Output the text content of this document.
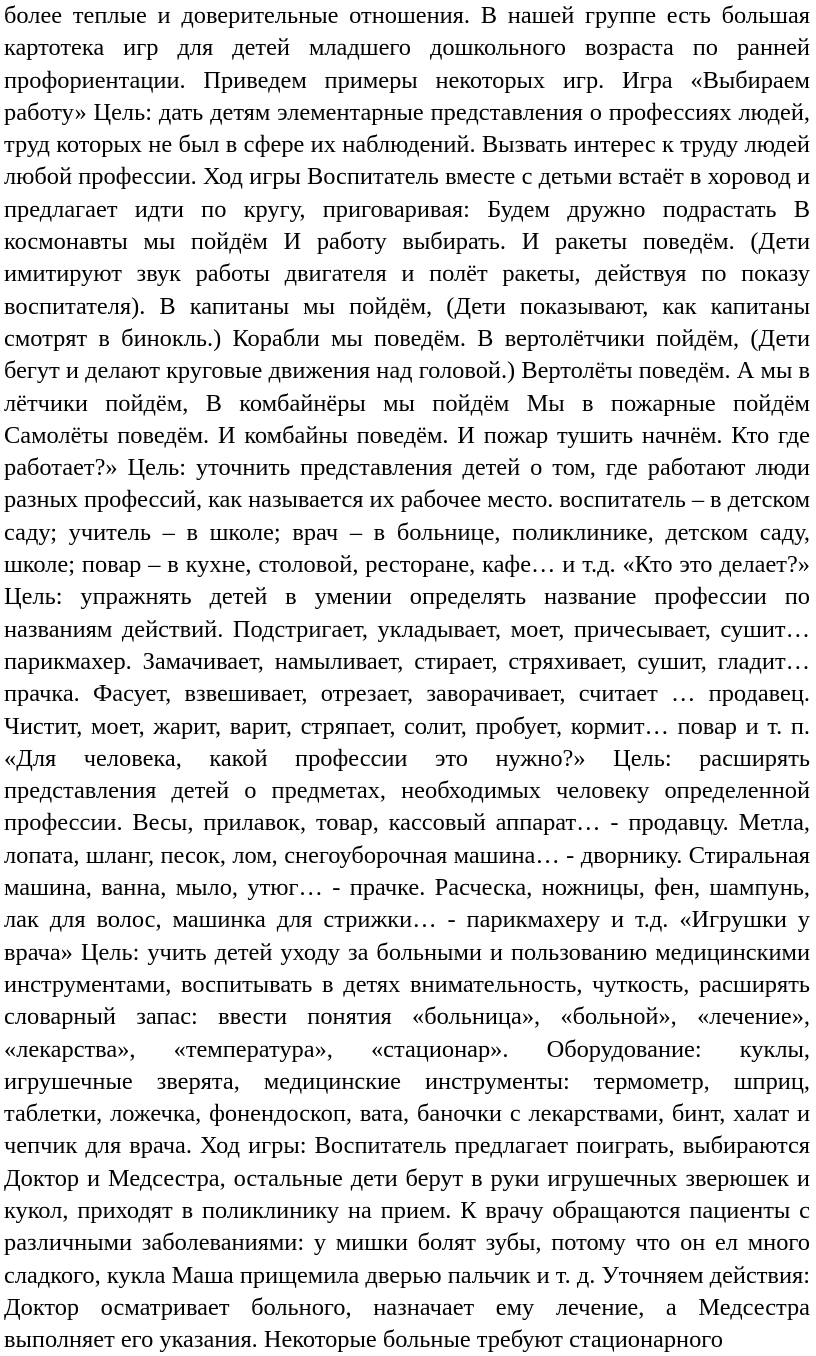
более теплые и доверительные отношения. В нашей группе есть большая
картотека игр для детей младшего дошкольного возраста по ранней
профориентации. Приведем примеры некоторых игр. Игра «Выбираем
работу» Цель: дать детям элементарные представления о профессиях людей,
труд которых не был в сфере их наблюдений. Вызвать интерес к труду людей
любой профессии. Ход игры Воспитатель вместе с детьми встаёт в хоровод и
предлагает идти по кругу, приговаривая: Будем дружно подрастать В
космонавты мы пойдём И работу выбирать. И ракеты поведём. (Дети
имитируют звук работы двигателя и полёт ракеты, действуя по показу
воспитателя). В капитаны мы пойдём, (Дети показывают, как капитаны
смотрят в бинокль.) Корабли мы поведём. В вертолётчики пойдём, (Дети
бегут и делают круговые движения над головой.) Вертолёты поведём. А мы в
лётчики пойдём, В комбайнёры мы пойдём Мы в пожарные пойдём
Самолёты поведём. И комбайны поведём. И пожар тушить начнём. Кто где
работает?» Цель: уточнить представления детей о том, где работают люди
разных профессий, как называется их рабочее место. воспитатель – в детском
саду; учитель – в школе; врач – в больнице, поликлинике, детском саду,
школе; повар – в кухне, столовой, ресторане, кафе… и т.д. «Кто это делает?»
Цель: упражнять детей в умении определять название профессии по
названиям действий. Подстригает, укладывает, моет, причесывает, сушит…
парикмахер. Замачивает, намыливает, стирает, стряхивает, сушит, гладит…
прачка. Фасует, взвешивает, отрезает, заворачивает, считает … продавец.
Чистит, моет, жарит, варит, стряпает, солит, пробует, кормит… повар и т. п.
«Для человека, какой профессии это нужно?» Цель: расширять
представления детей о предметах, необходимых человеку определенной
профессии. Весы, прилавок, товар, кассовый аппарат… - продавцу. Метла,
лопата, шланг, песок, лом, снегоуборочная машина… - дворнику. Стиральная
машина, ванна, мыло, утюг… - прачке. Расческа, ножницы, фен, шампунь,
лак для волос, машинка для стрижки… - парикмахеру и т.д. «Игрушки у
врача» Цель: учить детей уходу за больными и пользованию медицинскими
инструментами, воспитывать в детях внимательность, чуткость, расширять
словарный запас: ввести понятия «больница», «больной», «лечение»,
«лекарства», «температура», «стационар». Оборудование: куклы,
игрушечные зверята, медицинские инструменты: термометр, шприц,
таблетки, ложечка, фонендоскоп, вата, баночки с лекарствами, бинт, халат и
чепчик для врача. Ход игры: Воспитатель предлагает поиграть, выбираются
Доктор и Медсестра, остальные дети берут в руки игрушечных зверюшек и
кукол, приходят в поликлинику на прием. К врачу обращаются пациенты с
различными заболеваниями: у мишки болят зубы, потому что он ел много
сладкого, кукла Маша прищемила дверью пальчик и т. д. Уточняем действия:
Доктор осматривает больного, назначает ему лечение, а Медсестра
выполняет его указания. Некоторые больные требуют стационарного
